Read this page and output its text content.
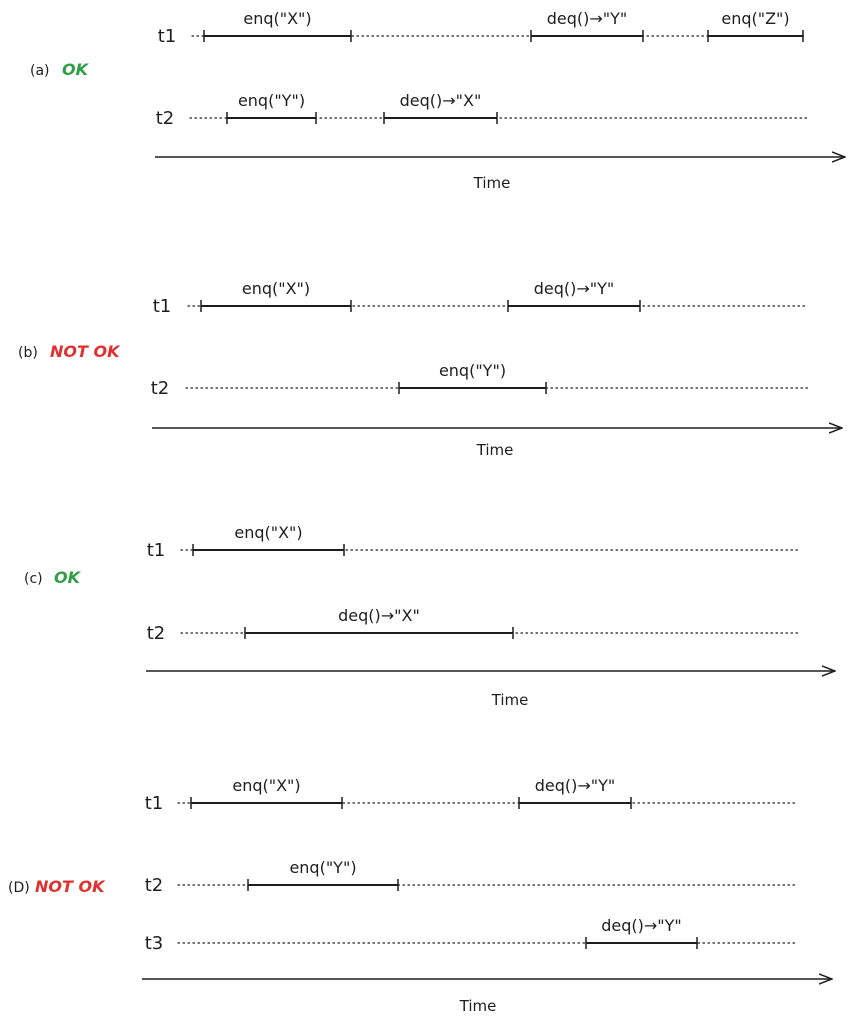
(a) OK
t1
enq("X")	deq()→"Y"	enq("Z")
t2
enq("Y")	deq()→"X"
Time
(b) NOT OK
t1
enq("X")	deq()→"Y"
t2
enq("Y")
Time
(c) OK
t1
enq("X")
t2
deq()→"X"
Time
(D) NOT OK
t1
enq("X")	deq()→"Y"
t2
enq("Y")
t3
deq()→"Y"
Time
